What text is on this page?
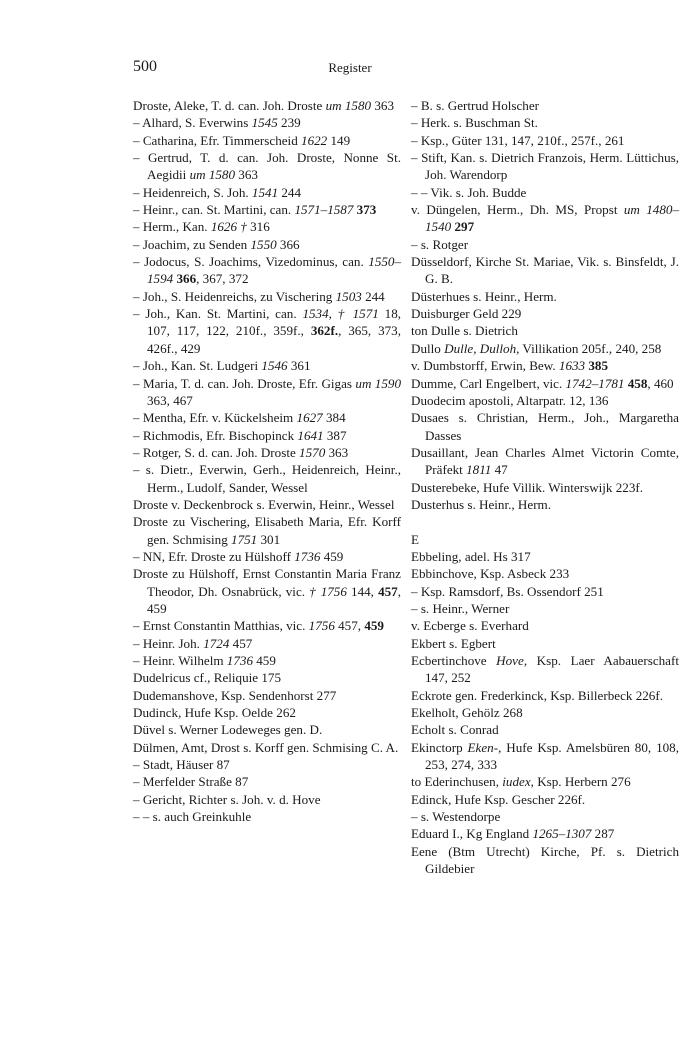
500	Register

Droste, Aleke, T. d. can. Joh. Droste um 1580 363

– Alhard, S. Everwins 1545 239

– Catharina, Efr. Timmerscheid 1622 149

– Gertrud, T. d. can. Joh. Droste, Nonne St. Aegidii um 1580 363

– Heidenreich, S. Joh. 1541 244

– Heinr., can. St. Martini, can. 1571–1587 373

– Herm., Kan. 1626 † 316

– Joachim, zu Senden 1550 366

– Jodocus, S. Joachims, Vizedominus, can. 1550–1594 366, 367, 372

– Joh., S. Heidenreichs, zu Vischering 1503 244

– Joh., Kan. St. Martini, can. 1534, † 1571 18, 107, 117, 122, 210f., 359f., 362f., 365, 373, 426f., 429

– Joh., Kan. St. Ludgeri 1546 361

– Maria, T. d. can. Joh. Droste, Efr. Gigas um 1590 363, 467

– Mentha, Efr. v. Kückelsheim 1627 384

– Richmodis, Efr. Bischopinck 1641 387

– Rotger, S. d. can. Joh. Droste 1570 363

– s. Dietr., Everwin, Gerh., Heidenreich, Heinr., Herm., Ludolf, Sander, Wessel

Droste v. Deckenbrock s. Everwin, Heinr., Wessel

Droste zu Vischering, Elisabeth Maria, Efr. Korff gen. Schmising 1751 301

– NN, Efr. Droste zu Hülshoff 1736 459

Droste zu Hülshoff, Ernst Constantin Maria Franz Theodor, Dh. Osnabrück, vic. † 1756 144, 457, 459

– Ernst Constantin Matthias, vic. 1756 457, 459

– Heinr. Joh. 1724 457

– Heinr. Wilhelm 1736 459

Dudelricus cf., Reliquie 175

Dudemanshove, Ksp. Sendenhorst 277

Dudinck, Hufe Ksp. Oelde 262

Düvel s. Werner Lodeweges gen. D.

Dülmen, Amt, Drost s. Korff gen. Schmising C. A.

– Stadt, Häuser 87

– Merfelder Straße 87

– Gericht, Richter s. Joh. v. d. Hove

– – s. auch Greinkuhle

– B. s. Gertrud Holscher

– Herk. s. Buschman St.

– Ksp., Güter 131, 147, 210f., 257f., 261

– Stift, Kan. s. Dietrich Franzois, Herm. Lüttichus, Joh. Warendorp

– – Vik. s. Joh. Budde

v. Düngelen, Herm., Dh. MS, Propst um 1480–1540 297

– s. Rotger

Düsseldorf, Kirche St. Mariae, Vik. s. Binsfeldt, J. G. B.

Düsterhues s. Heinr., Herm.

Duisburger Geld 229

ton Dulle s. Dietrich

Dullo Dulle, Dulloh, Villikation 205f., 240, 258

v. Dumbstorff, Erwin, Bew. 1633 385

Dumme, Carl Engelbert, vic. 1742–1781 458, 460

Duodecim apostoli, Altarpatr. 12, 136

Dusaes s. Christian, Herm., Joh., Margaretha Dasses

Dusaillant, Jean Charles Almet Victorin Comte, Präfekt 1811 47

Dusterebeke, Hufe Villik. Winterswijk 223f.

Dusterhus s. Heinr., Herm.

E

Ebbeling, adel. Hs 317

Ebbinchove, Ksp. Asbeck 233

– Ksp. Ramsdorf, Bs. Ossendorf 251

– s. Heinr., Werner

v. Ecberge s. Everhard

Ekbert s. Egbert

Ecbertinchove Hove, Ksp. Laer Aabauerschaft 147, 252

Eckrote gen. Frederkinck, Ksp. Billerbeck 226f.

Ekelholt, Gehölz 268

Echolt s. Conrad

Ekinctorp Eken-, Hufe Ksp. Amelsbüren 80, 108, 253, 274, 333

to Ederinchusen, iudex, Ksp. Herbern 276

Edinck, Hufe Ksp. Gescher 226f.

– s. Westendorpe

Eduard I., Kg England 1265–1307 287

Eene (Btm Utrecht) Kirche, Pf. s. Dietrich Gildebier
